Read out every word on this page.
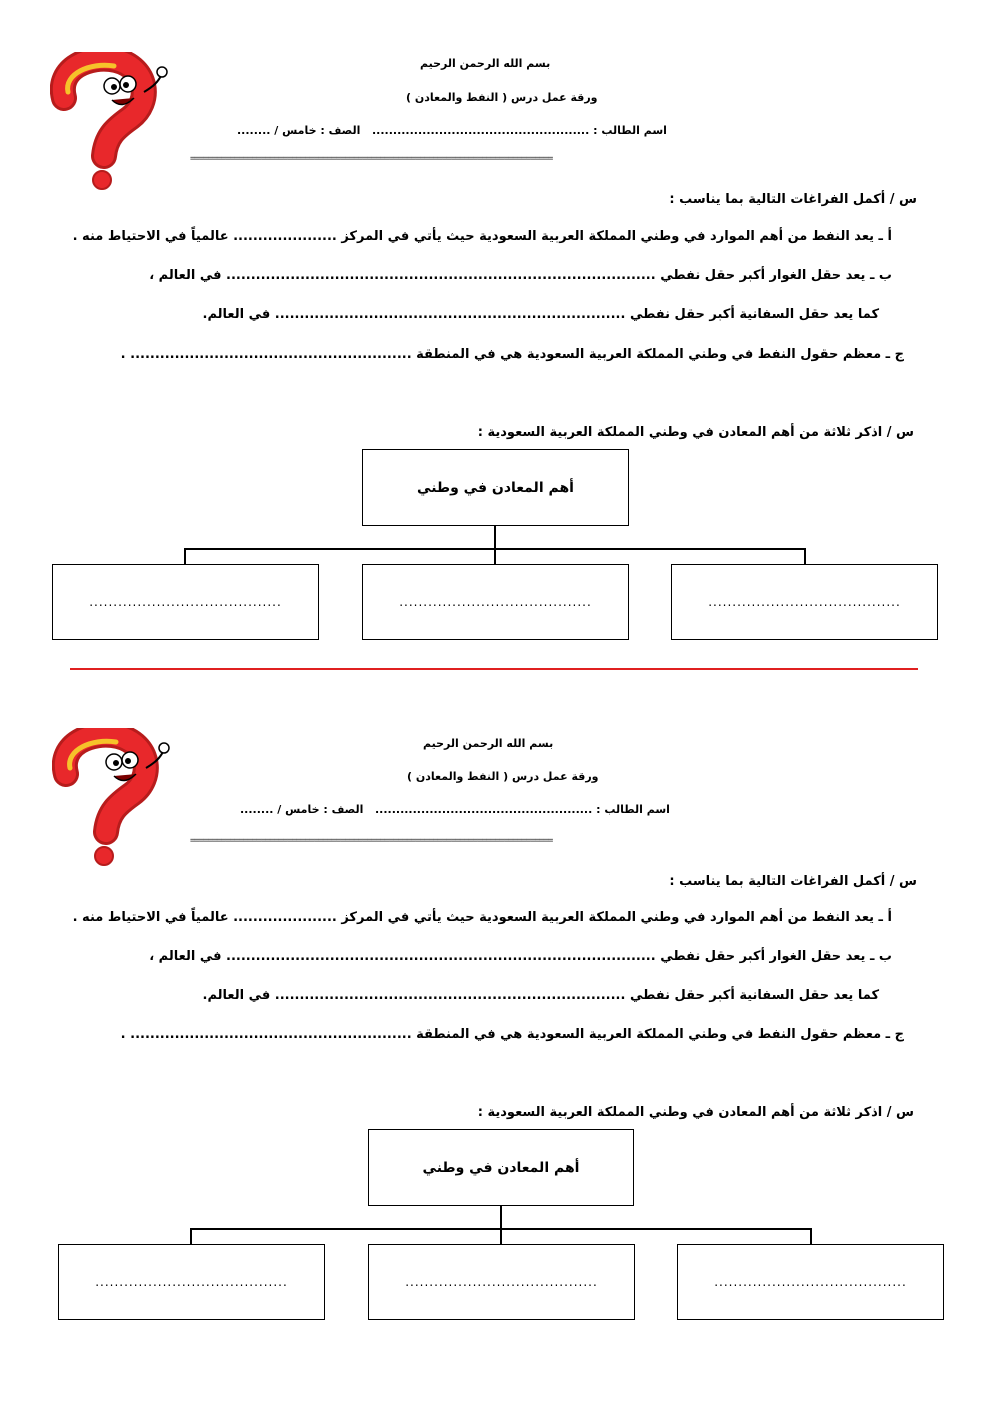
بسم الله الرحمن الرحيم
ورقة عمل درس ( النفط والمعادن )
الصف : خامس / ........ اسم الطالب : ....................................................
==================================================================================
س / أكمل الفراغات التالية بما يناسب :
أ ـ يعد النفط من أهم الموارد في وطني المملكة العربية السعودية حيث يأتي في المركز ..................... عالمياً في الاحتياط منه .
ب ـ يعد حقل الغوار أكبر حقل نفطي ....................................................................................... في العالم ،
كما يعد حقل السفانية أكبر حقل نفطي ....................................................................... في العالم.
ج ـ معظم حقول النفط في وطني المملكة العربية السعودية هي في المنطقة ......................................................... .
س / اذكر ثلاثة من أهم المعادن في وطني المملكة العربية السعودية :
أهم المعادن في وطني
........................................	........................................	........................................
بسم الله الرحمن الرحيم
ورقة عمل درس ( النفط والمعادن )
الصف : خامس / ........ اسم الطالب : ....................................................
==================================================================================
س / أكمل الفراغات التالية بما يناسب :
أ ـ يعد النفط من أهم الموارد في وطني المملكة العربية السعودية حيث يأتي في المركز ..................... عالمياً في الاحتياط منه .
ب ـ يعد حقل الغوار أكبر حقل نفطي ....................................................................................... في العالم ،
كما يعد حقل السفانية أكبر حقل نفطي ....................................................................... في العالم.
ج ـ معظم حقول النفط في وطني المملكة العربية السعودية هي في المنطقة ......................................................... .
س / اذكر ثلاثة من أهم المعادن في وطني المملكة العربية السعودية :
أهم المعادن في وطني
........................................	........................................	........................................
